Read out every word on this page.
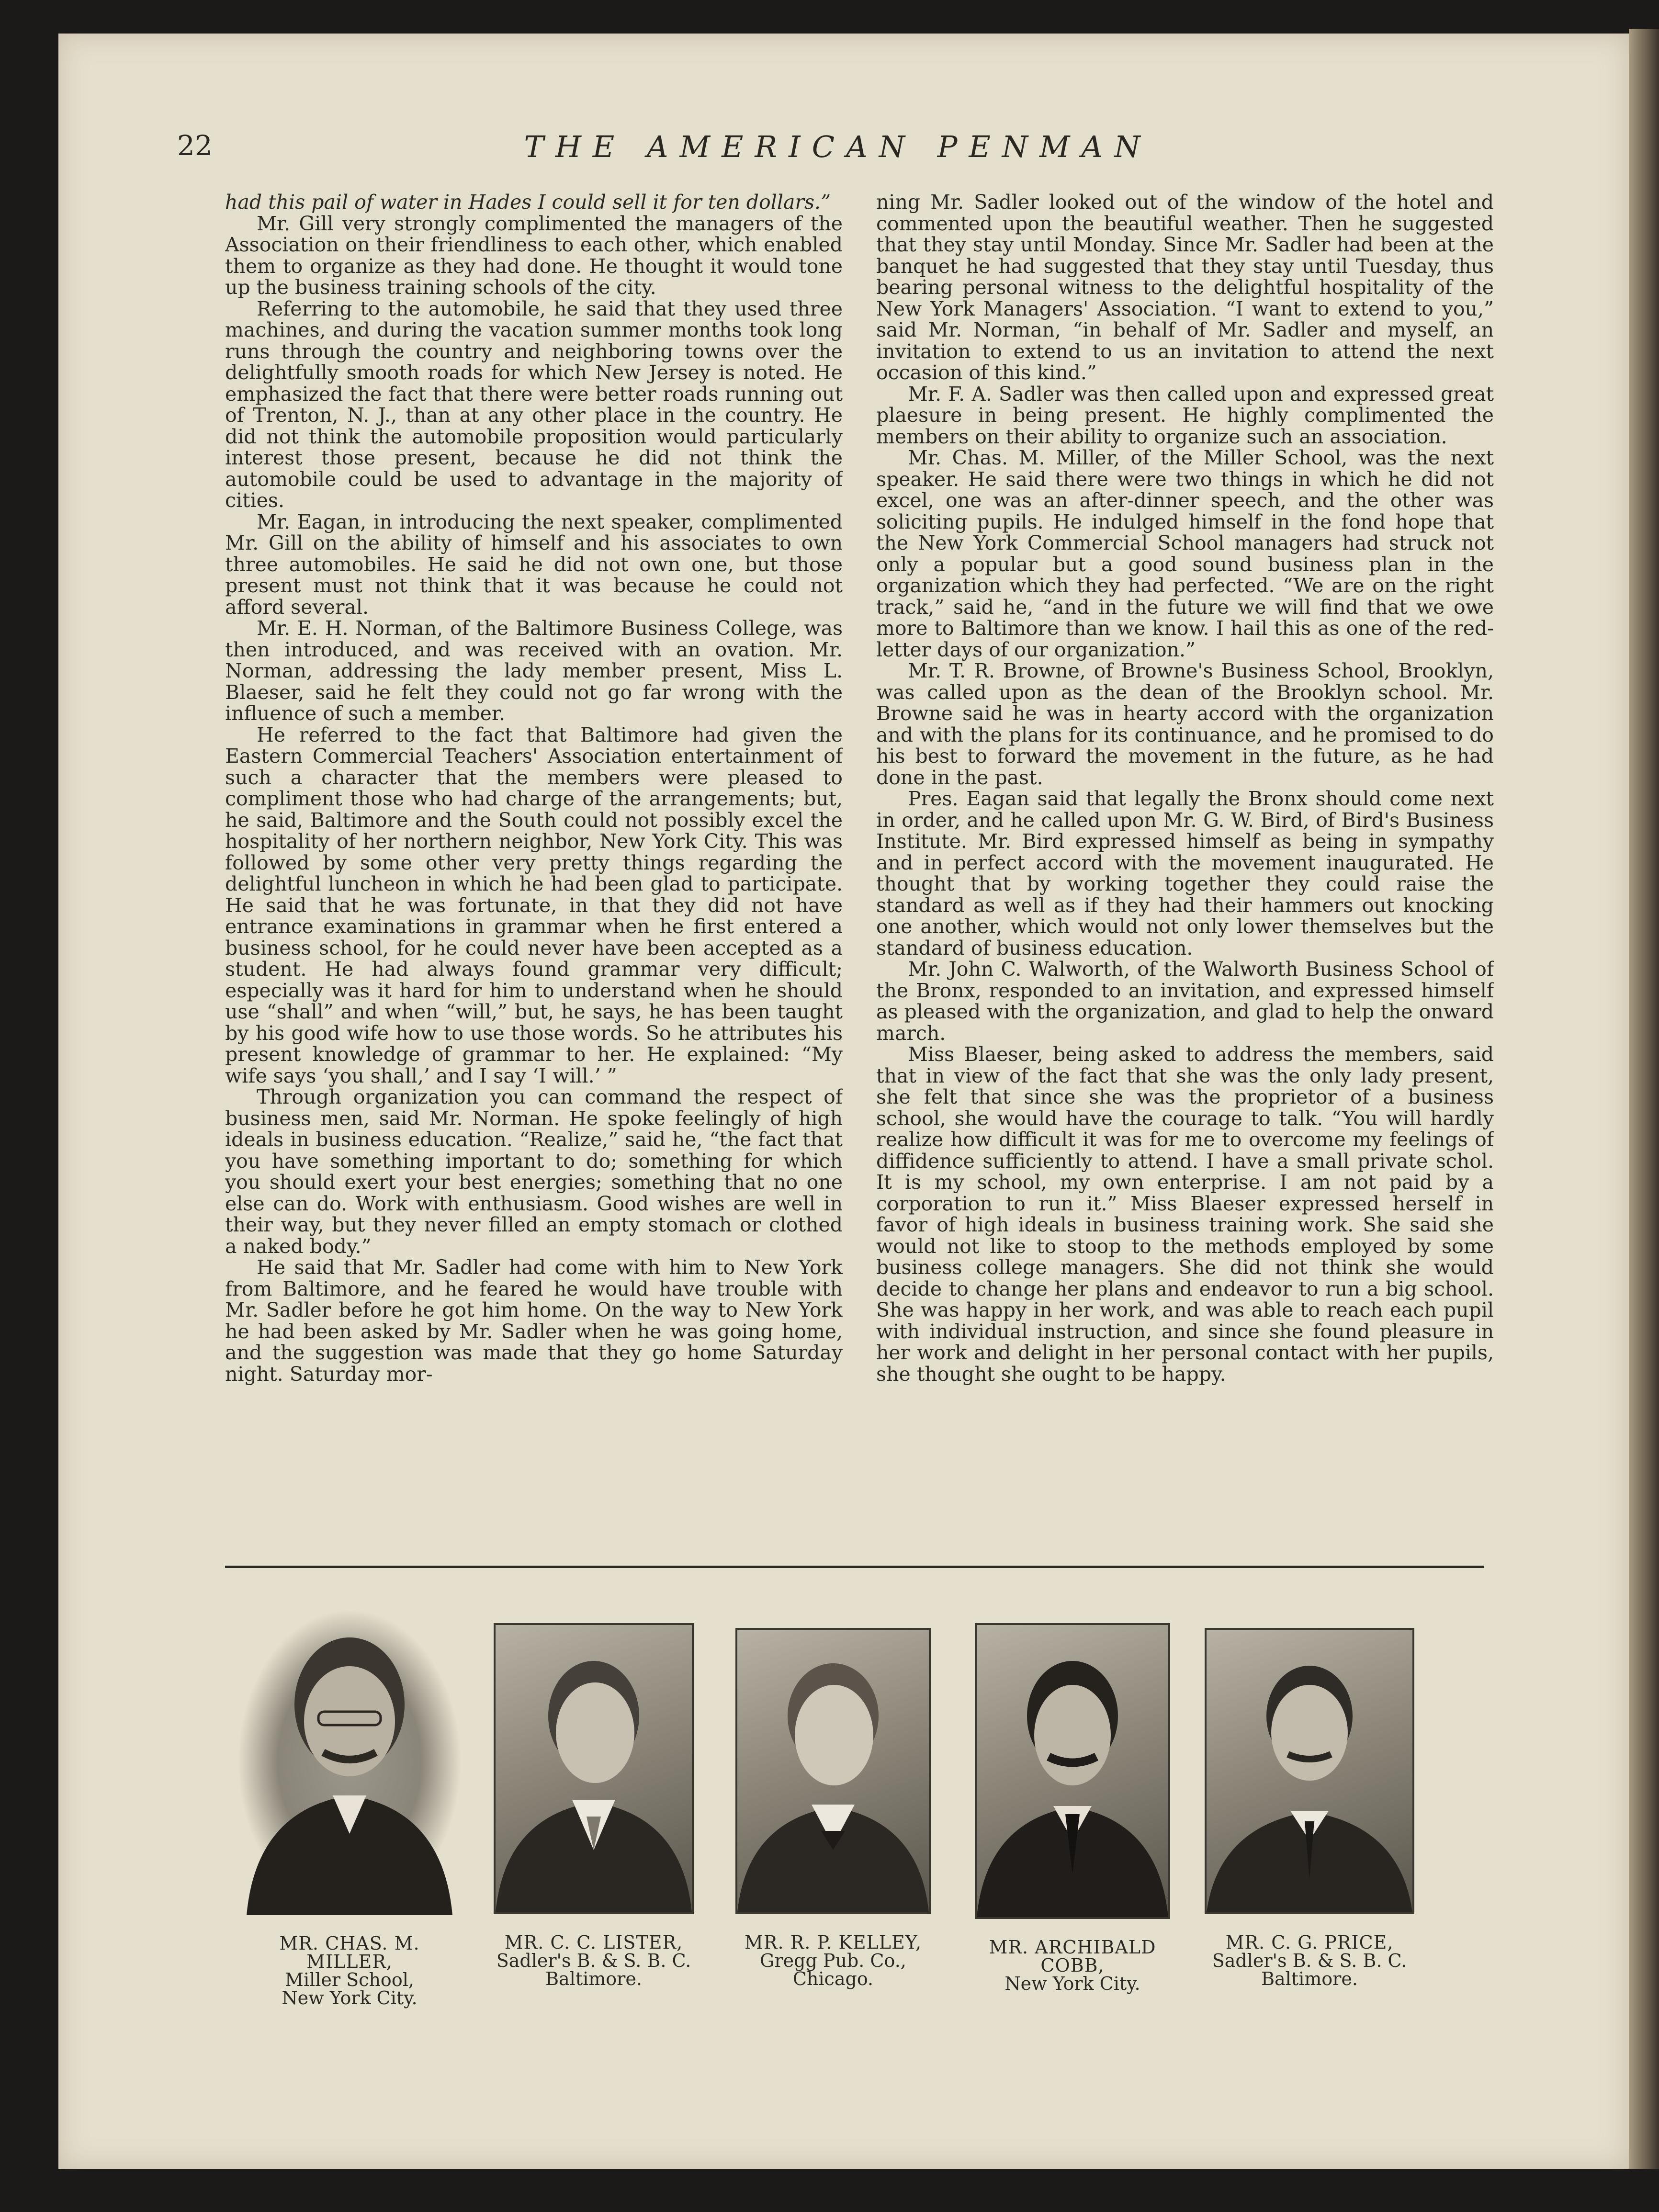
22	THE AMERICAN PENMAN

had this pail of water in Hades I could sell it for ten dollars.”

Mr. Gill very strongly complimented the managers of the Association on their friendliness to each other, which enabled them to organize as they had done. He thought it would tone up the business training schools of the city.

Referring to the automobile, he said that they used three machines, and during the vacation summer months took long runs through the country and neighboring towns over the delightfully smooth roads for which New Jersey is noted. He emphasized the fact that there were better roads running out of Trenton, N. J., than at any other place in the country. He did not think the automobile proposition would particularly interest those present, because he did not think the automobile could be used to advantage in the majority of cities.

Mr. Eagan, in introducing the next speaker, complimented Mr. Gill on the ability of himself and his associates to own three automobiles. He said he did not own one, but those present must not think that it was because he could not afford several.

Mr. E. H. Norman, of the Baltimore Business College, was then introduced, and was received with an ovation. Mr. Norman, addressing the lady member present, Miss L. Blaeser, said he felt they could not go far wrong with the influence of such a member.

He referred to the fact that Baltimore had given the Eastern Commercial Teachers' Association entertainment of such a character that the members were pleased to compliment those who had charge of the arrangements; but, he said, Baltimore and the South could not possibly excel the hospitality of her northern neighbor, New York City. This was followed by some other very pretty things regarding the delightful luncheon in which he had been glad to participate. He said that he was fortunate, in that they did not have entrance examinations in grammar when he first entered a business school, for he could never have been accepted as a student. He had always found grammar very difficult; especially was it hard for him to understand when he should use “shall” and when “will,” but, he says, he has been taught by his good wife how to use those words. So he attributes his present knowledge of grammar to her. He explained: “My wife says ‘you shall,’ and I say ‘I will.’ ”

Through organization you can command the respect of business men, said Mr. Norman. He spoke feelingly of high ideals in business education. “Realize,” said he, “the fact that you have something important to do; something for which you should exert your best energies; something that no one else can do. Work with enthusiasm. Good wishes are well in their way, but they never filled an empty stomach or clothed a naked body.”

He said that Mr. Sadler had come with him to New York from Baltimore, and he feared he would have trouble with Mr. Sadler before he got him home. On the way to New York he had been asked by Mr. Sadler when he was going home, and the suggestion was made that they go home Saturday night. Saturday mor-

ning Mr. Sadler looked out of the window of the hotel and commented upon the beautiful weather. Then he suggested that they stay until Monday. Since Mr. Sadler had been at the banquet he had suggested that they stay until Tuesday, thus bearing personal witness to the delightful hospitality of the New York Managers' Association. “I want to extend to you,” said Mr. Norman, “in behalf of Mr. Sadler and myself, an invitation to extend to us an invitation to attend the next occasion of this kind.”

Mr. F. A. Sadler was then called upon and expressed great plaesure in being present. He highly complimented the members on their ability to organize such an association.

Mr. Chas. M. Miller, of the Miller School, was the next speaker. He said there were two things in which he did not excel, one was an after-dinner speech, and the other was soliciting pupils. He indulged himself in the fond hope that the New York Commercial School managers had struck not only a popular but a good sound business plan in the organization which they had perfected. “We are on the right track,” said he, “and in the future we will find that we owe more to Baltimore than we know. I hail this as one of the red-letter days of our organization.”

Mr. T. R. Browne, of Browne's Business School, Brooklyn, was called upon as the dean of the Brooklyn school. Mr. Browne said he was in hearty accord with the organization and with the plans for its continuance, and he promised to do his best to forward the movement in the future, as he had done in the past.

Pres. Eagan said that legally the Bronx should come next in order, and he called upon Mr. G. W. Bird, of Bird's Business Institute. Mr. Bird expressed himself as being in sympathy and in perfect accord with the movement inaugurated. He thought that by working together they could raise the standard as well as if they had their hammers out knocking one another, which would not only lower themselves but the standard of business education.

Mr. John C. Walworth, of the Walworth Business School of the Bronx, responded to an invitation, and expressed himself as pleased with the organization, and glad to help the onward march.

Miss Blaeser, being asked to address the members, said that in view of the fact that she was the only lady present, she felt that since she was the proprietor of a business school, she would have the courage to talk. “You will hardly realize how difficult it was for me to overcome my feelings of diffidence sufficiently to attend. I have a small private schol. It is my school, my own enterprise. I am not paid by a corporation to run it.” Miss Blaeser expressed herself in favor of high ideals in business training work. She said she would not like to stoop to the methods employed by some business college managers. She did not think she would decide to change her plans and endeavor to run a big school. She was happy in her work, and was able to reach each pupil with individual instruction, and since she found pleasure in her work and delight in her personal contact with her pupils, she thought she ought to be happy.

MR. CHAS. M. MILLER,
Miller School,
New York City.
MR. C. C. LISTER,
Sadler's B. & S. B. C.
Baltimore.
MR. R. P. KELLEY,
Gregg Pub. Co.,
Chicago.
MR. ARCHIBALD COBB,
New York City.
MR. C. G. PRICE,
Sadler's B. & S. B. C.
Baltimore.
